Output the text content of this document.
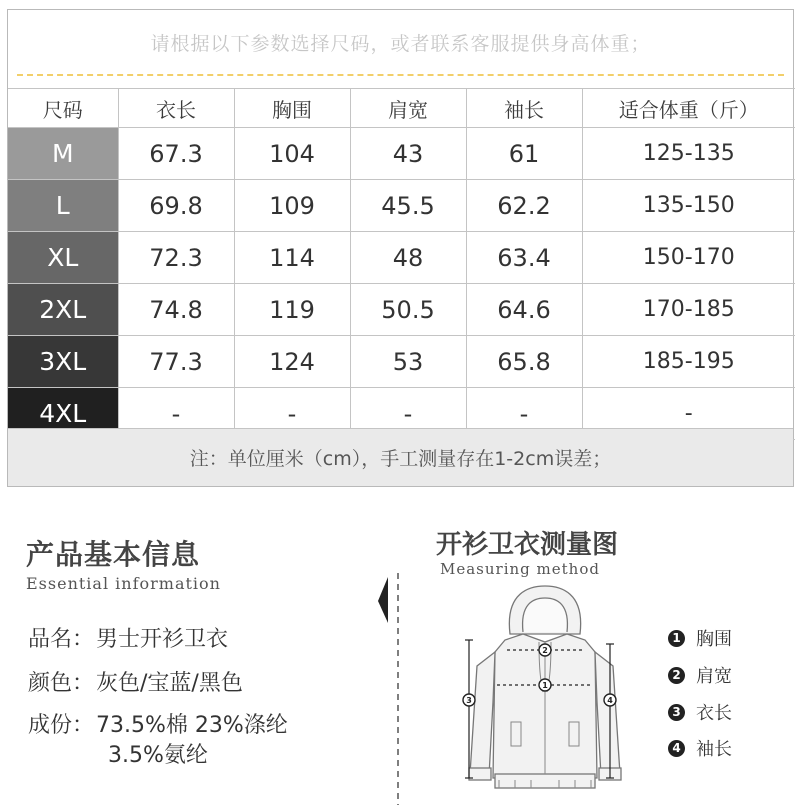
请根据以下参数选择尺码，或者联系客服提供身高体重；
尺码	衣长	胸围	肩宽	袖长	适合体重（斤）
M	67.3	104	43	61	125-135
L	69.8	109	45.5	62.2	135-150
XL	72.3	114	48	63.4	150-170
2XL	74.8	119	50.5	64.6	170-185
3XL	77.3	124	53	65.8	185-195
4XL	-	-	-	-	-
注：单位厘米（cm），手工测量存在1-2cm误差；
产品基本信息
Essential information
品名：男士开衫卫衣
颜色：灰色/宝蓝/黑色
成份：73.5%棉 23%涤纶
3.5%氨纶
开衫卫衣测量图
Measuring method
1
2
3	4
1 胸围
2 肩宽
3 衣长
4 袖长
